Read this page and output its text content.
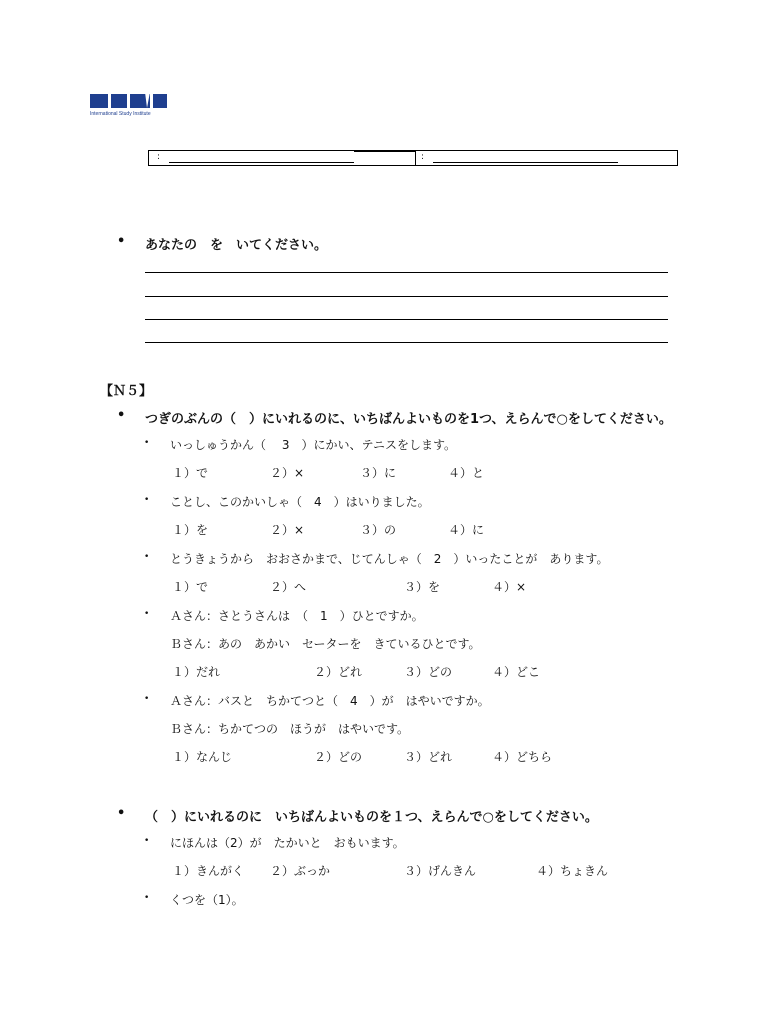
International Study Institute
:	:
• あなたの　を　いてください。
【Ｎ５】
• つぎのぶんの（　）にいれるのに、いちばんよいものを1つ、えらんで○をしてください。
• いっしゅうかん（　 3　）にかい、テニスをします。
１）で	２）×	３）に	４）と
• ことし、このかいしゃ（　4　）はいりました。
１）を	２）×	３）の	４）に
• とうきょうから　おおさかまで、じてんしゃ（　2　）いったことが　あります。
１）で	２）へ	３）を	４）×
• Ａさん：さとうさんは　（　1　）ひとですか。
Ｂさん：あの　あかい　セーターを　きているひとです。
１）だれ	２）どれ	３）どの	４）どこ
• Ａさん：バスと　ちかてつと（　4　）が　はやいですか。
Ｂさん：ちかてつの　ほうが　はやいです。
１）なんじ	２）どの	３）どれ	４）どちら
• （　）にいれるのに　いちばんよいものを１つ、えらんで○をしてください。
• にほんは（2）が　たかいと　おもいます。
１）きんがく ２）ぶっか	３）げんきん	４）ちょきん
• くつを（1）。
